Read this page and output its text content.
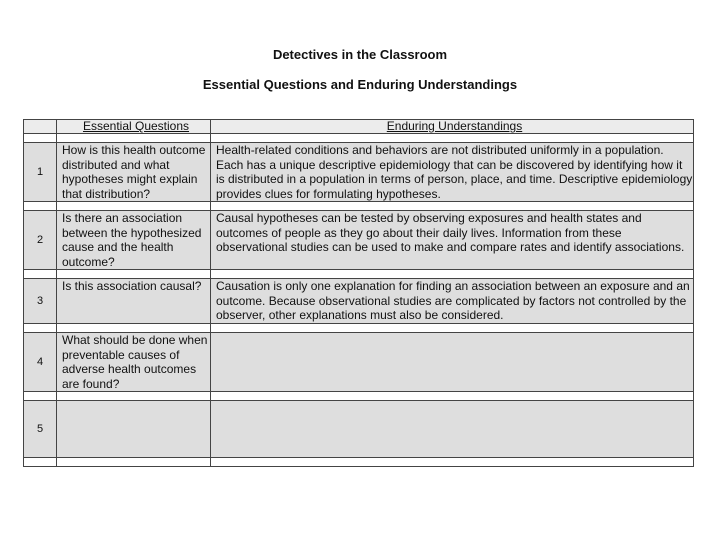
Detectives in the Classroom
Essential Questions and Enduring Understandings
	Essential Questions	Enduring Understandings

1	How is this health outcome distributed and what hypotheses might explain that distribution?	Health-related conditions and behaviors are not distributed uniformly in a population. Each has a unique descriptive epidemiology that can be discovered by identifying how it is distributed in a population in terms of person, place, and time. Descriptive epidemiology provides clues for formulating hypotheses.

2	Is there an association between the hypothesized cause and the health outcome?	Causal hypotheses can be tested by observing exposures and health states and outcomes of people as they go about their daily lives. Information from these observational studies can be used to make and compare rates and identify associations.

3	Is this association causal?	Causation is only one explanation for finding an association between an exposure and an outcome. Because observational studies are complicated by factors not controlled by the observer, other explanations must also be considered.

4	What should be done when preventable causes of adverse health outcomes are found?	

5		
